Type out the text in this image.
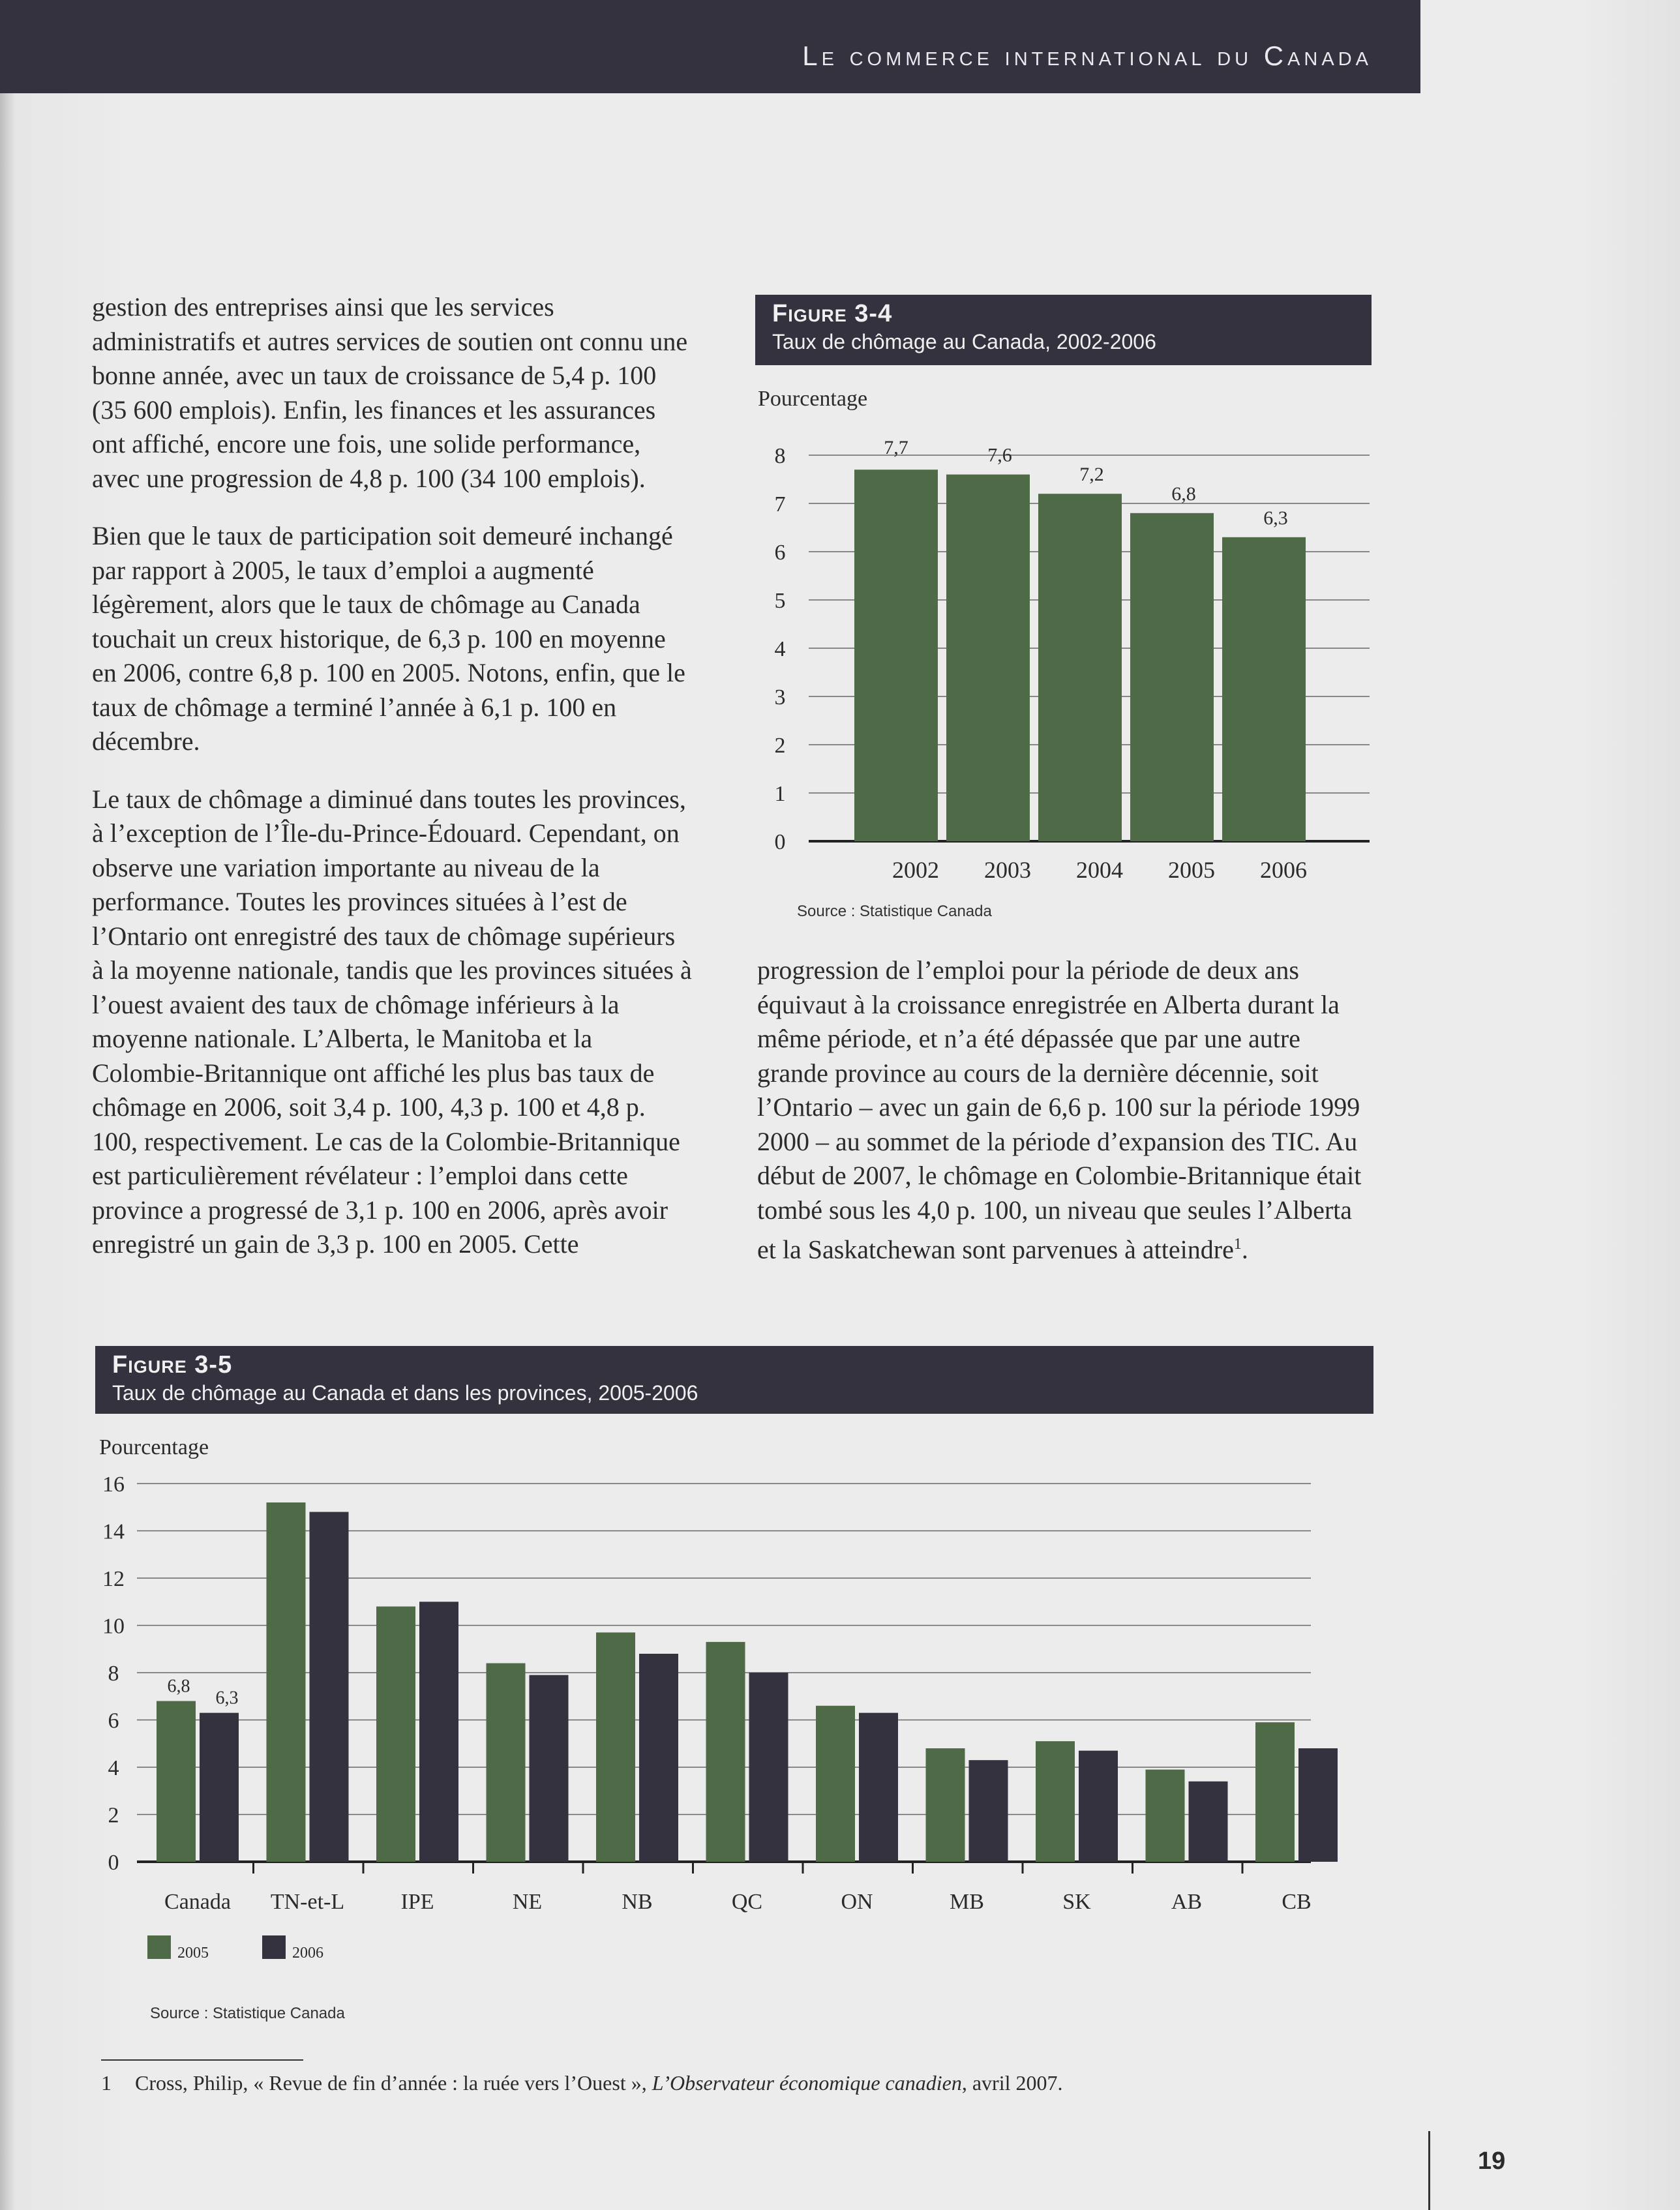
Le commerce international du Canada

gestion des entreprises ainsi que les services administratifs et autres services de soutien ont connu une bonne année, avec un taux de croissance de 5,4 p. 100 (35 600 emplois). Enfin, les finances et les assurances ont affiché, encore une fois, une solide performance, avec une progression de 4,8 p. 100 (34 100 emplois).

Bien que le taux de participation soit demeuré inchangé par rapport à 2005, le taux d’emploi a augmenté légèrement, alors que le taux de chômage au Canada touchait un creux historique, de 6,3 p. 100 en moyenne en 2006, contre 6,8 p. 100 en 2005. Notons, enfin, que le taux de chômage a terminé l’année à 6,1 p. 100 en décembre.

Le taux de chômage a diminué dans toutes les provinces, à l’exception de l’Île-du-Prince-Édouard. Cependant, on observe une variation importante au niveau de la performance. Toutes les provinces situées à l’est de l’Ontario ont enregistré des taux de chômage supérieurs à la moyenne nationale, tandis que les provinces situées à l’ouest avaient des taux de chômage inférieurs à la moyenne nationale. L’Alberta, le Manitoba et la Colombie-Britannique ont affiché les plus bas taux de chômage en 2006, soit 3,4 p. 100, 4,3 p. 100 et 4,8 p. 100, respectivement. Le cas de la Colombie-Britannique est particulièrement révélateur : l’emploi dans cette province a progressé de 3,1 p. 100 en 2006, après avoir enregistré un gain de 3,3 p. 100 en 2005. Cette

Figure 3-4
Taux de chômage au Canada, 2002-2006
Pourcentage
0
1
2
3
4
5
6
7
8	7,7
2002
7,6
2003
7,2
2004
6,8
2005
6,3
2006
Source : Statistique Canada

progression de l’emploi pour la période de deux ans équivaut à la croissance enregistrée en Alberta durant la même période, et n’a été dépassée que par une autre grande province au cours de la dernière décennie, soit l’Ontario – avec un gain de 6,6 p. 100 sur la période 1999 2000 – au sommet de la période d’expansion des TIC. Au début de 2007, le chômage en Colombie-Britannique était tombé sous les 4,0 p. 100, un niveau que seules l’Alberta et la Saskatchewan sont parvenues à atteindre$^1$.

Figure 3-5
Taux de chômage au Canada et dans les provinces, 2005-2006
Pourcentage
0
2
4
6
8
10
12
14
16
Canada TN-et-L	IPE	NE	NB	QC	ON	MB	SK	AB	CB
6,8
6,3
2005	2006
Source : Statistique Canada
1 Cross, Philip, « Revue de fin d’année : la ruée vers l’Ouest », L’Observateur économique canadien, avril 2007.
19
